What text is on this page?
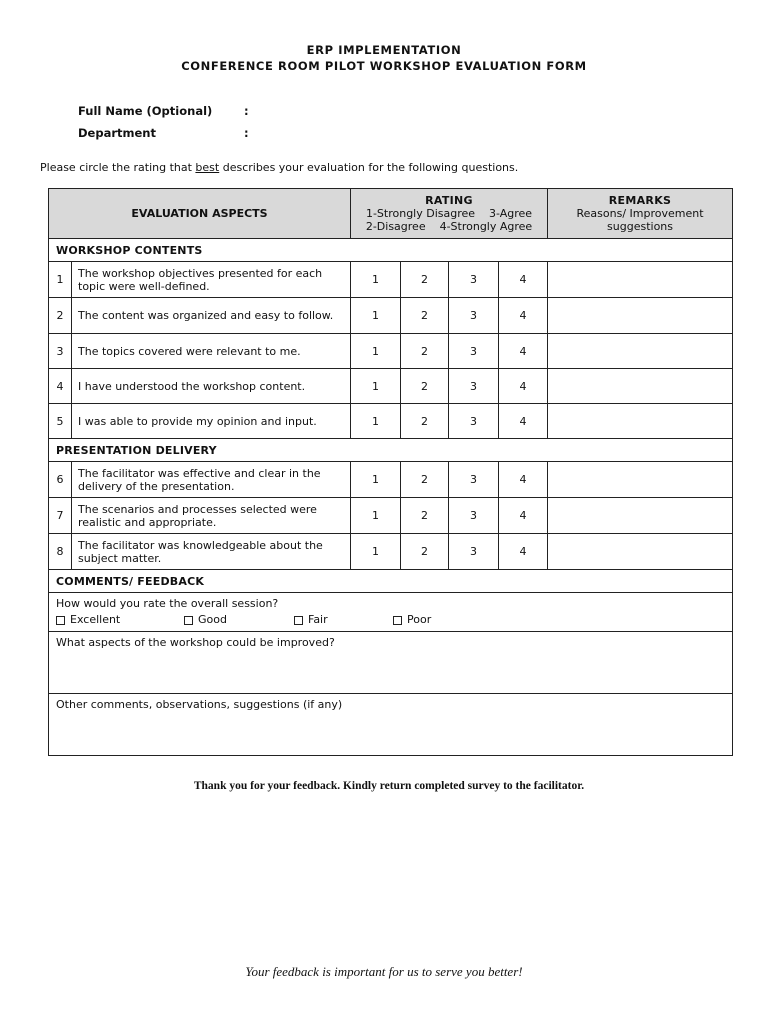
ERP IMPLEMENTATION
CONFERENCE ROOM PILOT WORKSHOP EVALUATION FORM
Full Name (Optional)	:
Department	:
Please circle the rating that best describes your evaluation for the following questions.
EVALUATION ASPECTS		RATING
1-Strongly Disagree    3-Agree
2-Disagree    4-Strongly Agree				REMARKS
Reasons/ Improvement
suggestions
WORKSHOP CONTENTS						
1	The workshop objectives presented for each topic were well-defined.	1	2	3	4	
2	The content was organized and easy to follow.	1	2	3	4	
3	The topics covered were relevant to me.	1	2	3	4	
4	I have understood the workshop content.	1	2	3	4	
5	I was able to provide my opinion and input.	1	2	3	4	
PRESENTATION DELIVERY						
6	The facilitator was effective and clear in the delivery of the presentation.	1	2	3	4	
7	The scenarios and processes selected were realistic and appropriate.	1	2	3	4	
8	The facilitator was knowledgeable about the subject matter.	1	2	3	4	
COMMENTS/ FEEDBACK						

How would you rate the overall session?
Excellent Good Fair Poor						

What aspects of the workshop could be improved?						

Other comments, observations, suggestions (if any)						
Thank you for your feedback. Kindly return completed survey to the facilitator.
Your feedback is important for us to serve you better!
